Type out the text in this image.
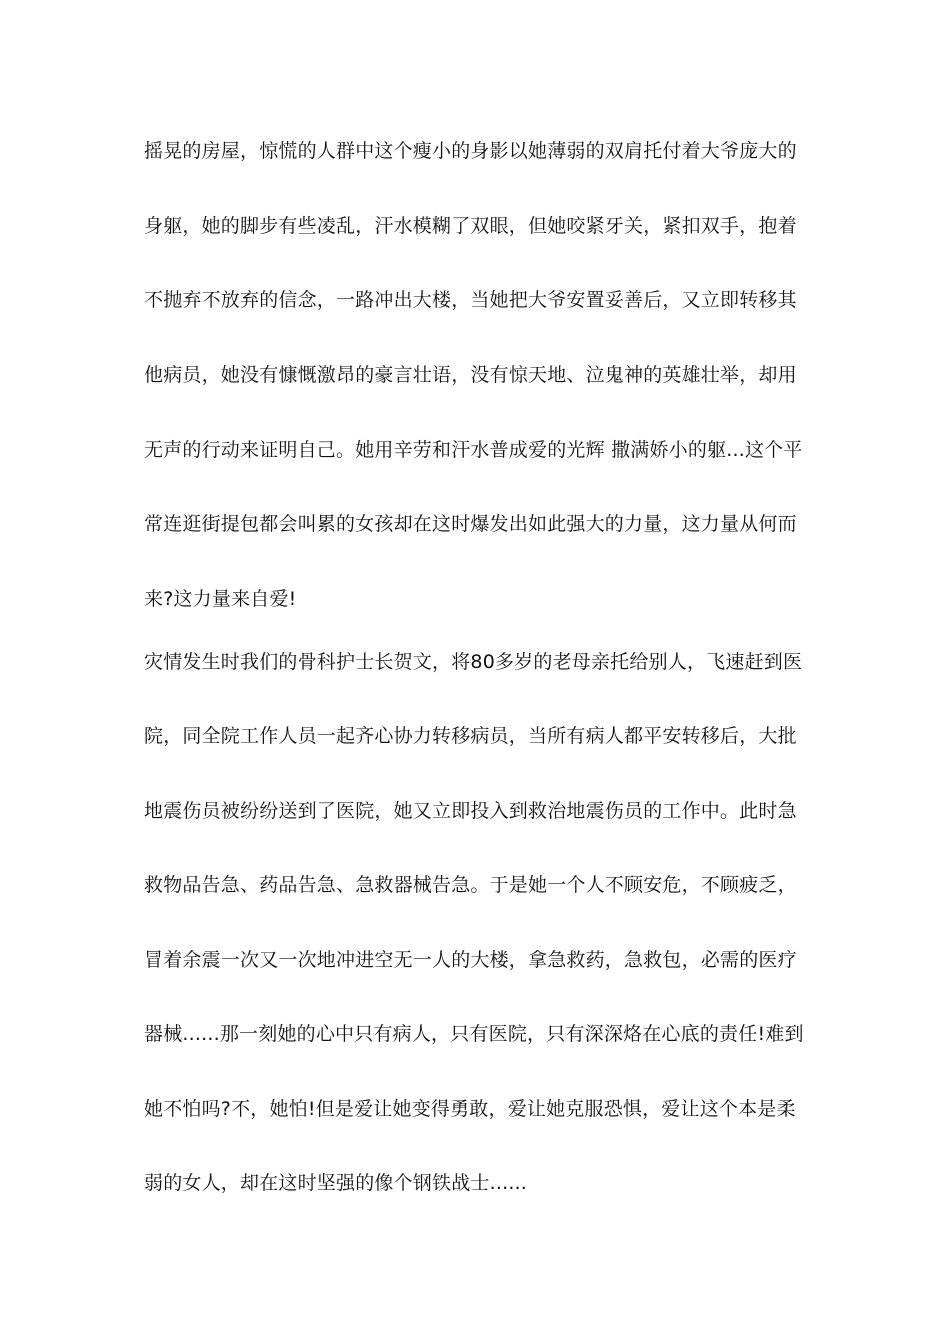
摇晃的房屋，惊慌的人群中这个瘦小的身影以她薄弱的双肩托付着大爷庞大的
身躯，她的脚步有些凌乱，汗水模糊了双眼，但她咬紧牙关，紧扣双手，抱着
不抛弃不放弃的信念，一路冲出大楼，当她把大爷安置妥善后，又立即转移其
他病员，她没有慷慨激昂的豪言壮语，没有惊天地、泣鬼神的英雄壮举，却用
无声的行动来证明自己。她用辛劳和汗水普成爱的光辉 撒满娇小的躯...这个平
常连逛街提包都会叫累的女孩却在这时爆发出如此强大的力量，这力量从何而
来?这力量来自爱!
灾情发生时我们的骨科护士长贺文，将80多岁的老母亲托给别人，飞速赶到医
院，同全院工作人员一起齐心协力转移病员，当所有病人都平安转移后，大批
地震伤员被纷纷送到了医院，她又立即投入到救治地震伤员的工作中。此时急
救物品告急、药品告急、急救器械告急。于是她一个人不顾安危，不顾疲乏，
冒着余震一次又一次地冲进空无一人的大楼，拿急救药，急救包，必需的医疗
器械......那一刻她的心中只有病人，只有医院，只有深深烙在心底的责任!难到
她不怕吗?不，她怕!但是爱让她变得勇敢，爱让她克服恐惧，爱让这个本是柔
弱的女人，却在这时坚强的像个钢铁战士......
